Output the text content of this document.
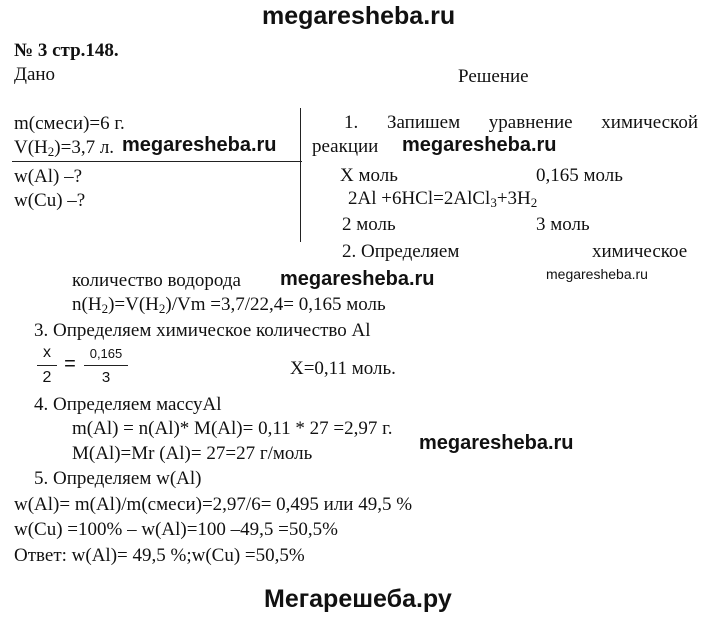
megaresheba.ru
megaresheba.ru	megaresheba.ru
megaresheba.ru	megaresheba.ru
megaresheba.ru
Мегарешеба.ру
№ 3 стр.148.
Дано	Решение
m(смеси)=6 г.
$V(H_2)=3,7$ л.
w(Al) –?
w(Cu) –?
1. Запишем уравнение химической
реакции
X моль	0,165 моль
$2Al +6HCl=2AlCl_3+3H_2$
2 моль	3 моль
2. Определяем	химическое
количество водорода
$n(H_2)=V(H_2)/Vm =3,7/22,4= 0,165$ моль
3. Определяем химическое количество Al
x
2
=	0,165
3	X=0,11 моль.
4. Определяем массуAl
m(Al) = n(Al)* M(Al)= 0,11 * 27 =2,97 г.
M(Al)=Mr (Al)= 27=27 г/моль
5. Определяем w(Al)
w(Al)= m(Al)/m(смеси)=2,97/6= 0,495 или 49,5 %
w(Cu) =100% – w(Al)=100 –49,5 =50,5%
Ответ: w(Al)= 49,5 %;w(Cu) =50,5%
